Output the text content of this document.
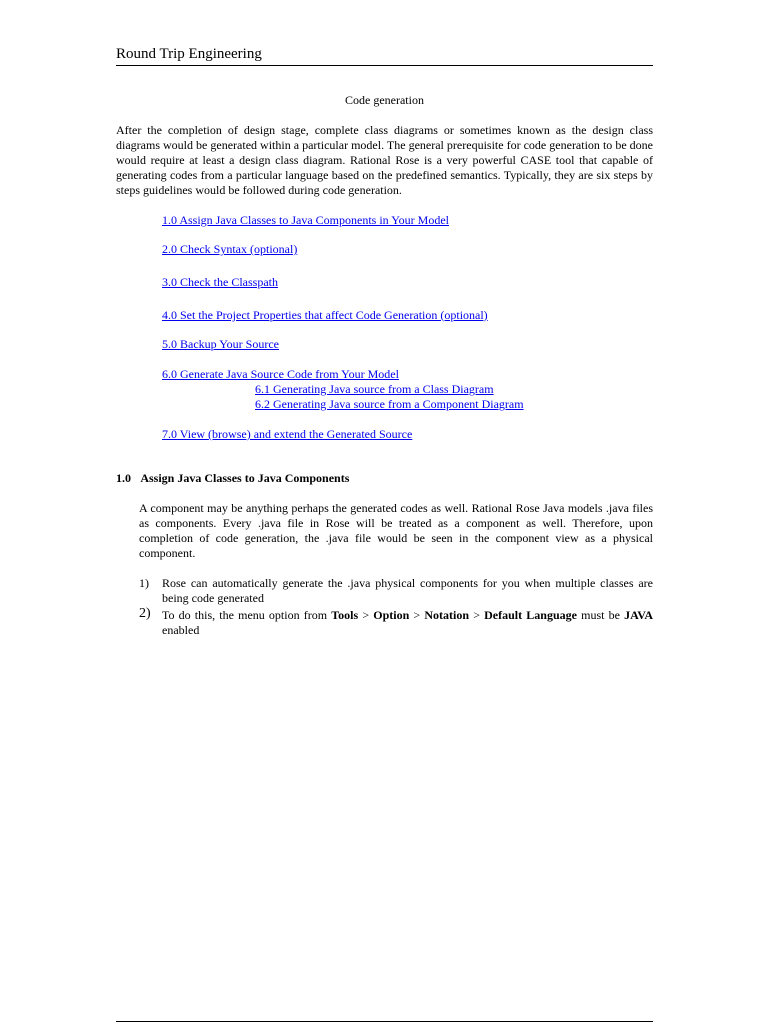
Round Trip Engineering
Code generation

After the completion of design stage, complete class diagrams or sometimes known as the design class diagrams would be generated within a particular model. The general prerequisite for code generation to be done would require at least a design class diagram. Rational Rose is a very powerful CASE tool that capable of generating codes from a particular language based on the predefined semantics. Typically, they are six steps by steps guidelines would be followed during code generation.

1.0 Assign Java Classes to Java Components in Your Model
2.0 Check Syntax (optional)
3.0 Check the Classpath
4.0 Set the Project Properties that affect Code Generation (optional)
5.0 Backup Your Source
6.0 Generate Java Source Code from Your Model
6.1 Generating Java source from a Class Diagram
6.2 Generating Java source from a Component Diagram
7.0 View (browse) and extend the Generated Source
1.0 Assign Java Classes to Java Components

A component may be anything perhaps the generated codes as well. Rational Rose Java models .java files as components. Every .java file in Rose will be treated as a component as well. Therefore, upon completion of code generation, the .java file would be seen in the component view as a physical component.

1) Rose can automatically generate the .java physical components for you when multiple classes are being code generated
2) To do this, the menu option from Tools > Option > Notation > Default Language must be JAVA enabled
